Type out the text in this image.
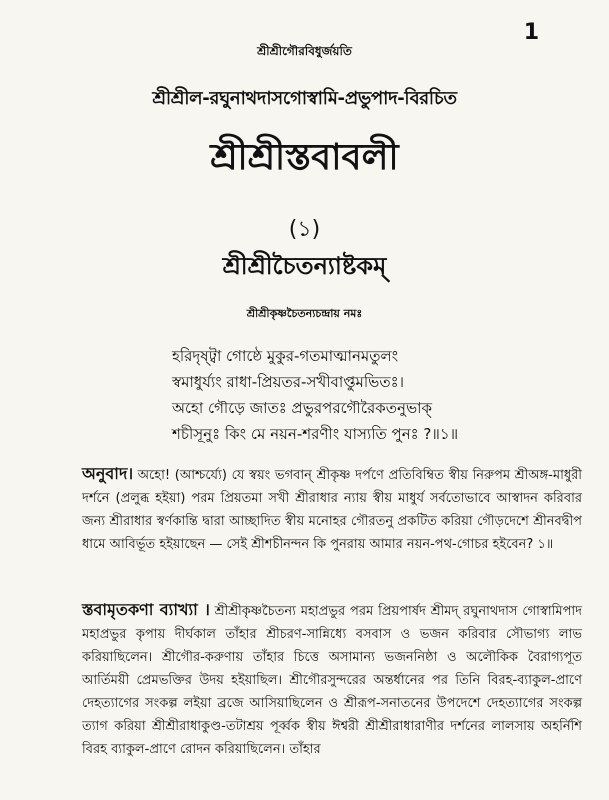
1
শ্রীশ্রীগৌরবিধুর্জয়তি
শ্রীশ্রীল-রঘুনাথদাসগোস্বামি-প্রভুপাদ-বিরচিত
শ্রীশ্রীস্তবাবলী
(১)
শ্রীশ্রীচৈতন্যাষ্টকম্
শ্রীশ্রীকৃষ্ণচৈতন্যচন্দ্রায় নমঃ
হরিদৃষ্ট্বা গোষ্ঠে মুকুর-গতমাত্মানমতুলং
স্বমাধুর্য্যং রাধা-প্রিয়তর-সখীবাপ্তুমভিতঃ।
অহো গৌড়ে জাতঃ প্রভুরপরগৌরৈকতনুভাক্
শচীসূনুঃ কিং মে নয়ন-শরণীং যাস্যতি পুনঃ ?॥১॥
অনুবাদ। অহো! (আশ্চর্য্যে) যে স্বয়ং ভগবান্ শ্রীকৃষ্ণ দর্পণে প্রতিবিম্বিত স্বীয় নিরুপম শ্রীঅঙ্গ-মাধুরী দর্শনে (প্রলুব্ধ হইয়া) পরম প্রিয়তমা সখী শ্রীরাধার ন্যায় স্বীয় মাধুর্য সর্বতোভাবে আস্বাদন করিবার জন্য শ্রীরাধার স্বর্ণকান্তি দ্বারা আচ্ছাদিত স্বীয় মনোহর গৌরতনু প্রকটিত করিয়া গৌড়দেশে শ্রীনবদ্বীপ ধামে আবির্ভূত হইয়াছেন — সেই শ্রীশচীনন্দন কি পুনরায় আমার নয়ন-পথ-গোচর হইবেন? ১॥
স্তবামৃতকণা ব্যাখ্যা । শ্রীশ্রীকৃষ্ণচৈতন্য মহাপ্রভুর পরম প্রিয়পার্ষদ শ্রীমদ্ রঘুনাথদাস গোস্বামিপাদ মহাপ্রভুর কৃপায় দীর্ঘকাল তাঁহার শ্রীচরণ-সান্নিধ্যে বসবাস ও ভজন করিবার সৌভাগ্য লাভ করিয়াছিলেন। শ্রীগৌর-করুণায় তাঁহার চিত্তে অসামান্য ভজননিষ্ঠা ও অলৌকিক বৈরাগ্যপূত আর্তিময়ী প্রেমভক্তির উদয় হইয়াছিল। শ্রীগৌরসুন্দরের অন্তর্ধানের পর তিনি বিরহ-ব্যাকুল-প্রাণে দেহত্যাগের সংকল্প লইয়া ব্রজে আসিয়াছিলেন ও শ্রীরূপ-সনাতনের উপদেশে দেহত্যাগের সংকল্প ত্যাগ করিয়া শ্রীশ্রীরাধাকুণ্ড-তটাশ্রয় পূর্ব্বক স্বীয় ঈশ্বরী শ্রীশ্রীরাধারাণীর দর্শনের লালসায় অহর্নিশি বিরহ ব্যাকুল-প্রাণে রোদন করিয়াছিলেন। তাঁহার
